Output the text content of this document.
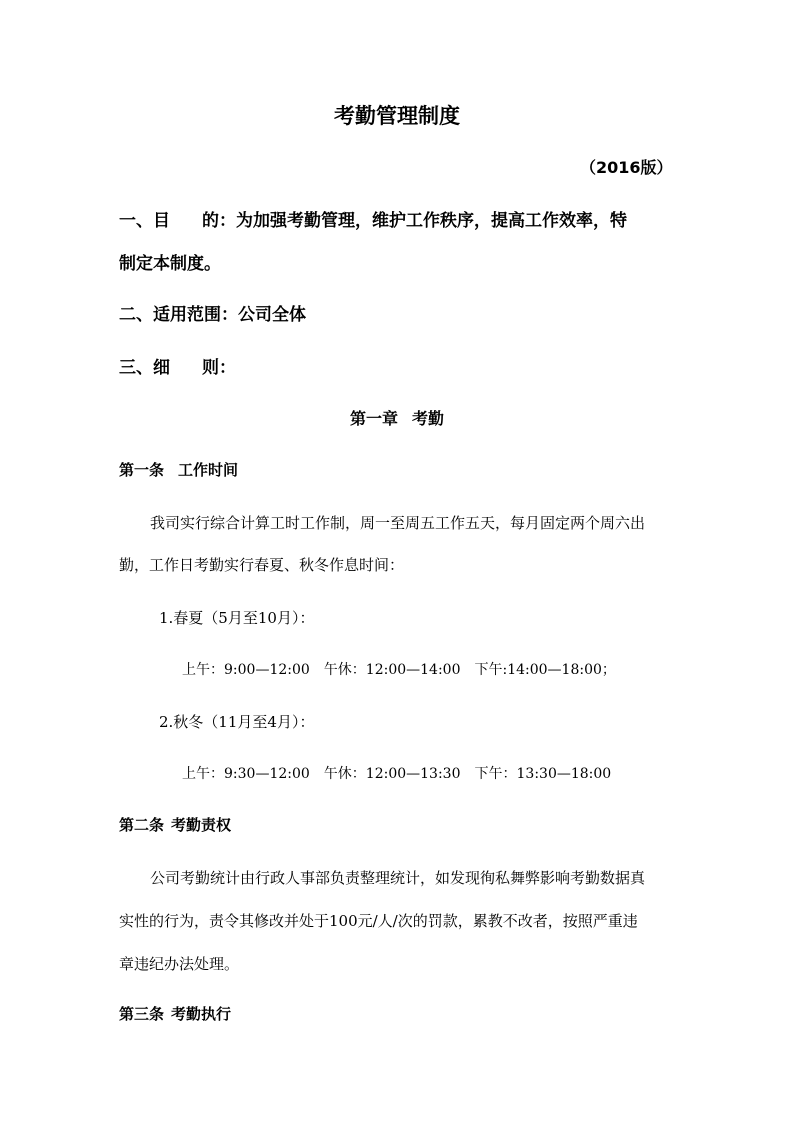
考勤管理制度
（2016版）
一、目 的：为加强考勤管理，维护工作秩序，提高工作效率，特
制定本制度。
二、适用范围：公司全体
三、细 则：
第一章 考勤
第一条 工作时间
我司实行综合计算工时工作制，周一至周五工作五天，每月固定两个周六出
勤，工作日考勤实行春夏、秋冬作息时间：
1.春夏（5月至10月）：
上午：9:00—12:00 午休：12:00—14:00 下午:14:00—18:00；
2.秋冬（11月至4月）：
上午：9:30—12:00 午休：12:00—13:30 下午：13:30—18:00
第二条 考勤责权
公司考勤统计由行政人事部负责整理统计，如发现徇私舞弊影响考勤数据真
实性的行为，责令其修改并处于100元/人/次的罚款，累教不改者，按照严重违
章违纪办法处理。
第三条 考勤执行
